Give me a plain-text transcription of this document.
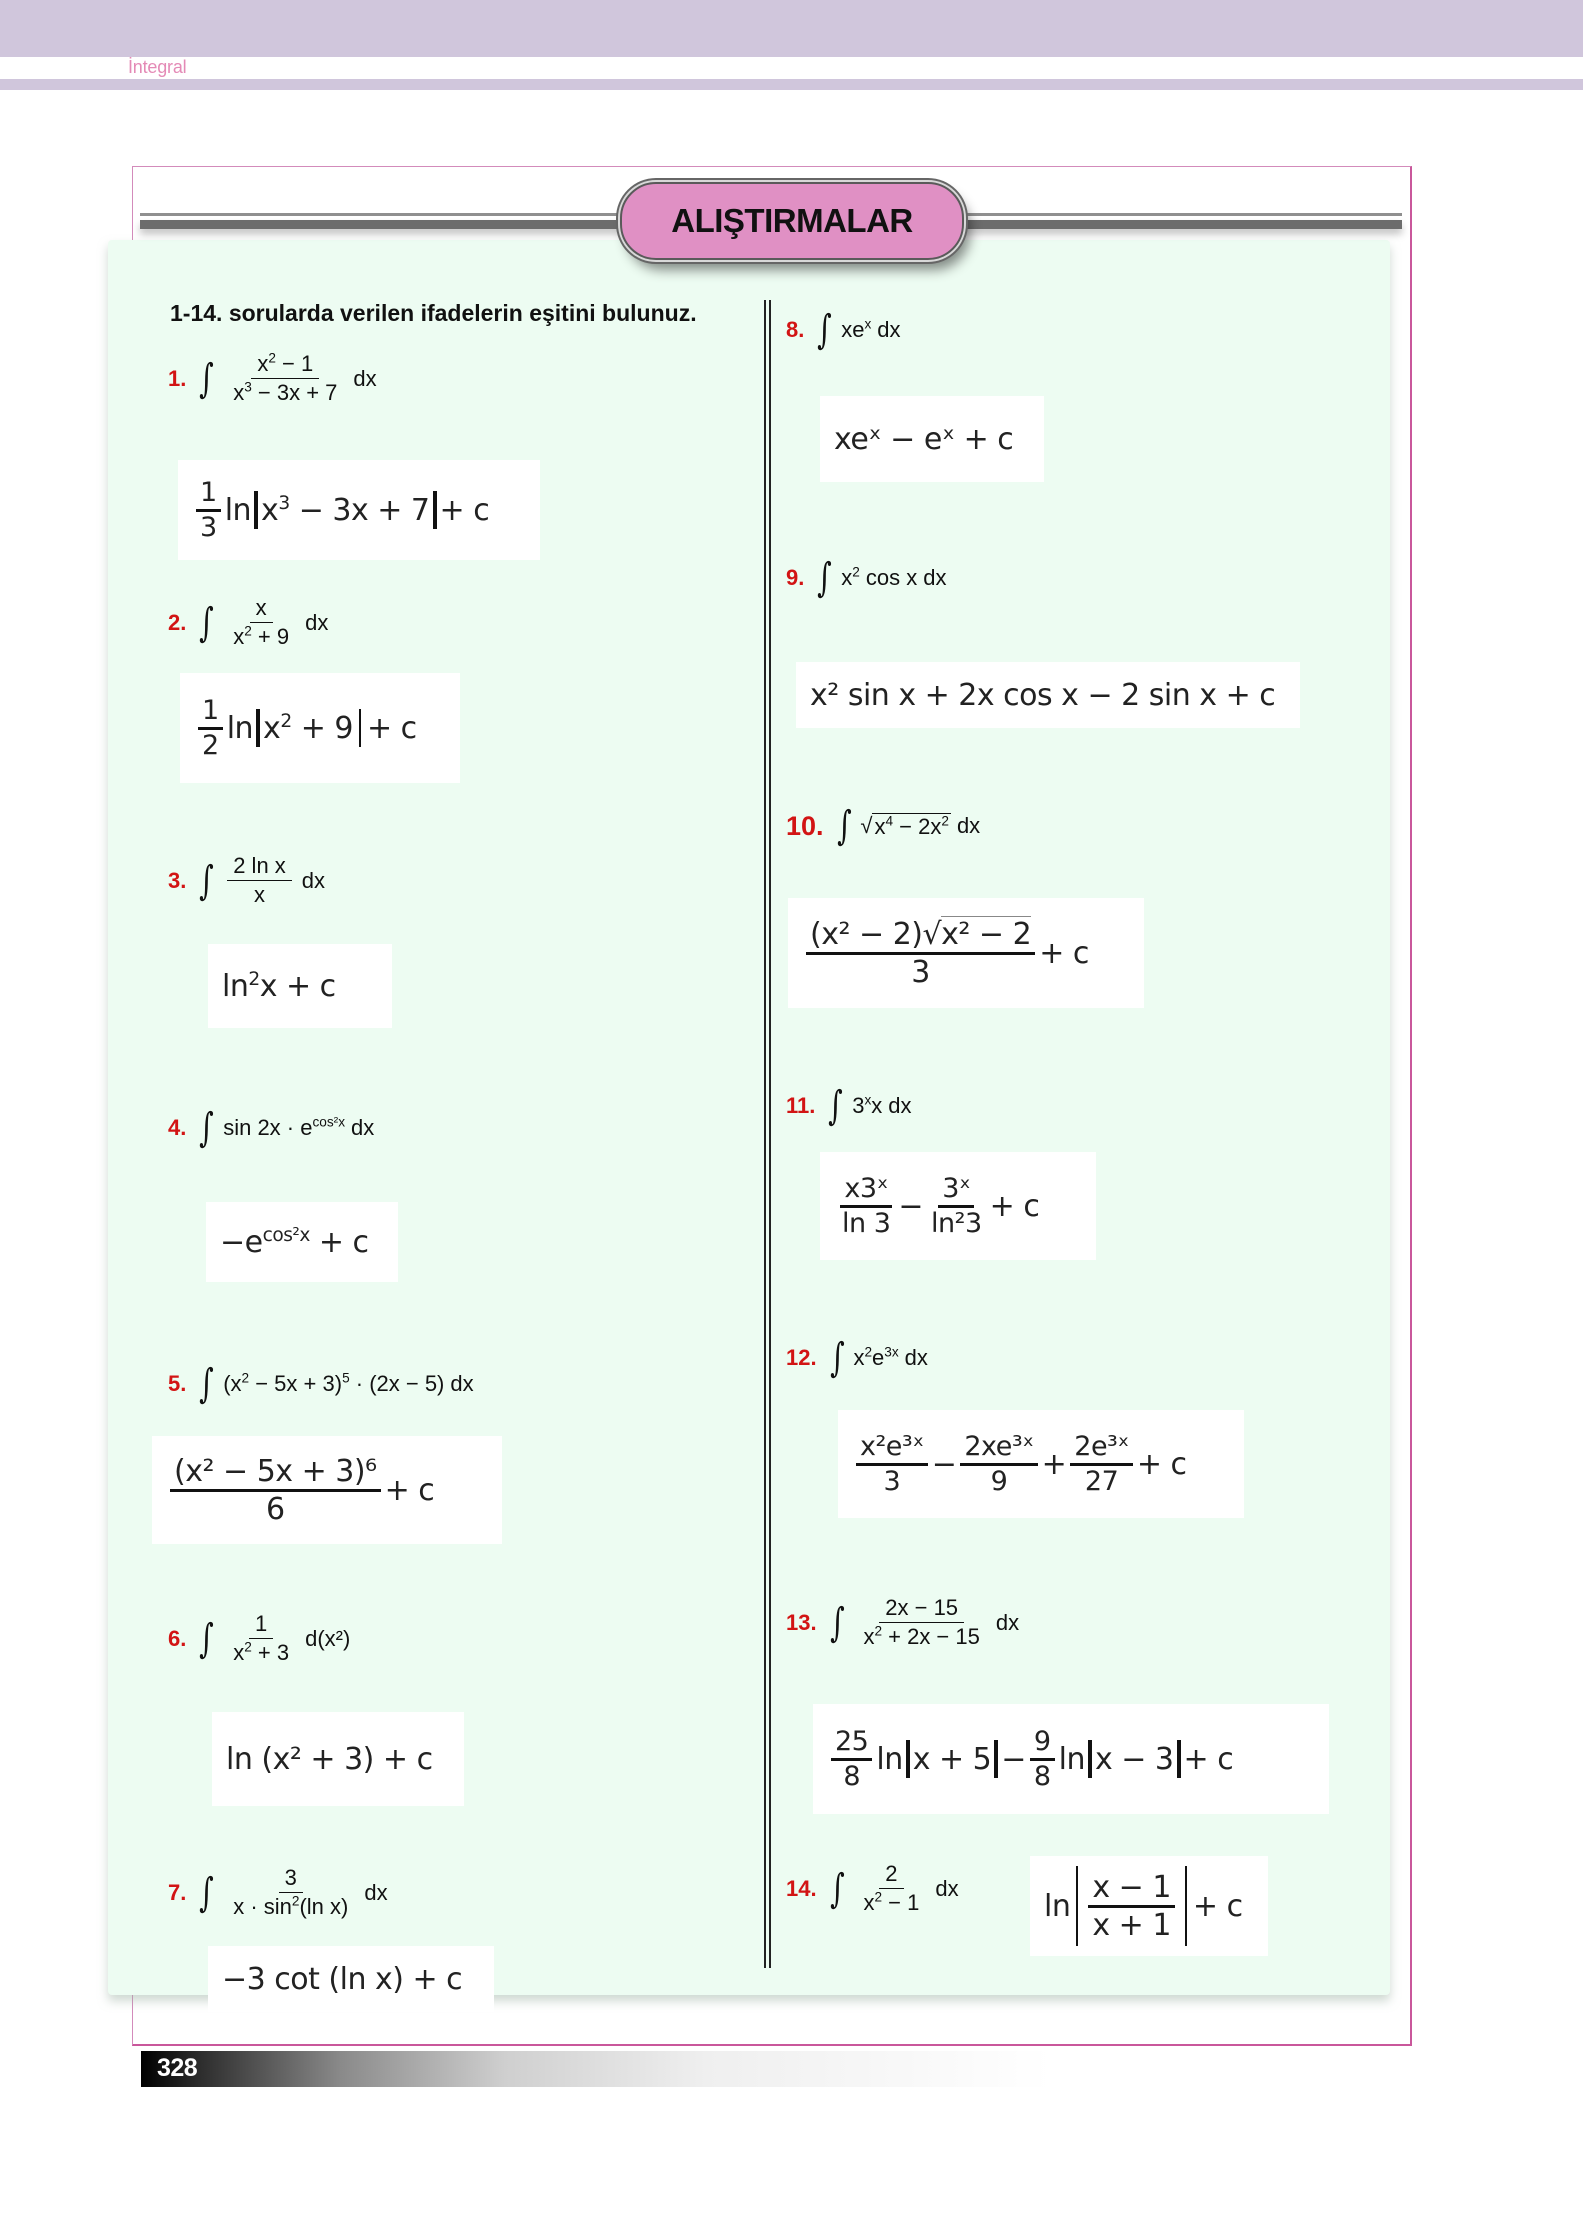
İntegral
ALIŞTIRMALAR
1-14. sorularda verilen ifadelerin eşitini bulunuz.
1. ∫ $\frac{x^2 - 1}{x^3 - 3x + 7}$ dx
$\frac{1}{3}$ $\ln x^3 - 3x + 7 + c$
2. ∫ $\frac{x}{x^2 + 9}$ dx
$\frac{1}{2}$ $\ln x^2 + 9 + c$
3. ∫ $\frac{\text{2 ln x}}{x}$ dx
$\ln^2x + c$
4. ∫ $\sin 2x \cdot e^{cos^2x}$ dx
$-e^{cos^2x} + c$
5. ∫ $(x^2 - 5x + 3)^5 \cdot (2x - 5)$ dx
$\frac{\text{(x² − 5x + 3)⁶}}{6} + c$
6. ∫ $\frac{1}{x^2 + 3} d(x^2)$
ln (x² + 3) + c
7. ∫ $\frac{3}{x \cdot \sin^2(\ln x)}$ dx
−3 cot (ln x) + c
8. ∫ $xe^x$ dx
xeˣ − eˣ + c
9. ∫ $x^2$ cos x dx
x² sin x + 2x cos x − 2 sin x + c
10. ∫ √ $x^4 - 2x^2$ dx
$\frac{\text{(x² − 2)√x² − 2}}{3} + c$
11. ∫ 3$^x$x dx
$\frac{\text{x3ˣ}}{\ln 3} - \frac{\text{3ˣ}}{\text{ln²3}} + c$
12. ∫ $x^2e^{3x}$ dx
$\frac{\text{x²e³ˣ}}{3} - \frac{\text{2xe³ˣ}}{9} + \frac{\text{2e³ˣ}}{27} + c$
13. ∫ $\frac{2x - 15}{x^2 + 2x - 15}$ dx
$\frac{25}{8}$ $\ln x + 5 - \frac{9}{8}$ ln x − 3 + c
14. ∫ $\frac{2}{x^2 - 1}$ dx
$\ln \frac{x - 1}{x + 1} + c$
328
